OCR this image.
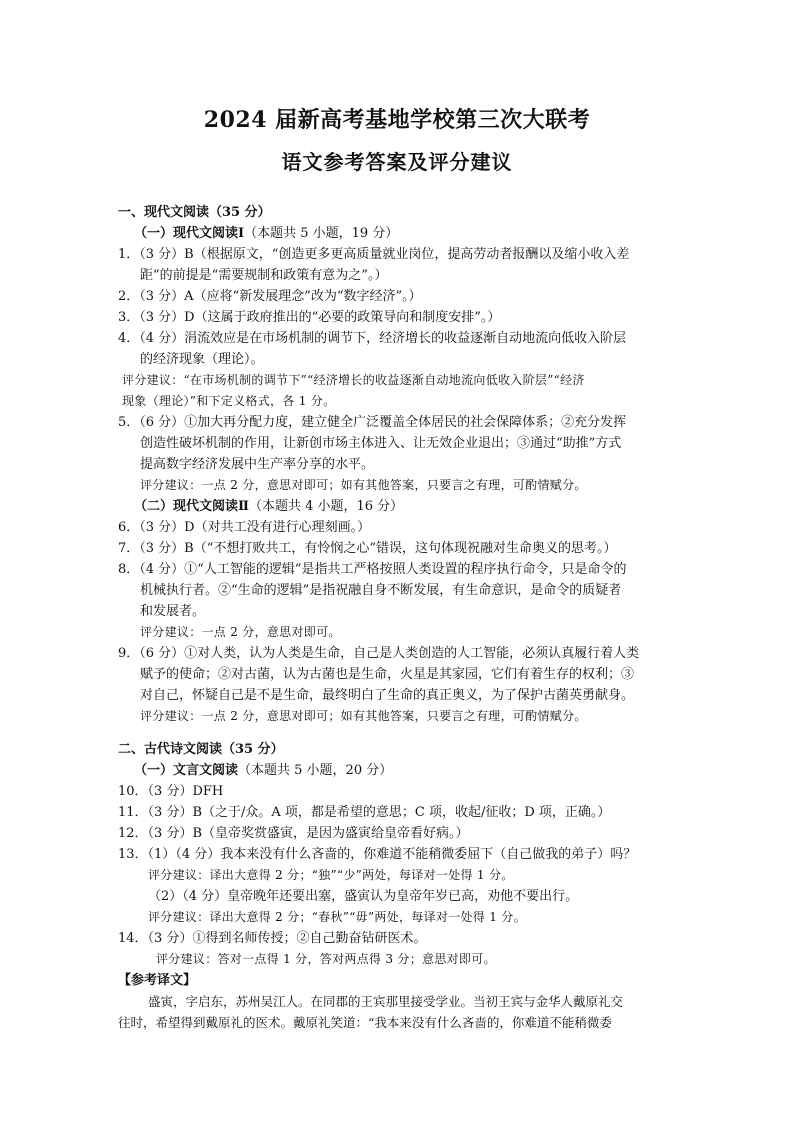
2024 届新高考基地学校第三次大联考
语文参考答案及评分建议
一、现代文阅读（35 分）
（一）现代文阅读Ⅰ（本题共 5 小题，19 分）
1．（3 分）B（根据原文，“创造更多更高质量就业岗位，提高劳动者报酬以及缩小收入差
距”的前提是“需要规制和政策有意为之”。）
2．（3 分）A（应将“新发展理念”改为“数字经济”。）
3．（3 分）D（这属于政府推出的“必要的政策导向和制度安排”。）
4．（4 分）涓流效应是在市场机制的调节下，经济增长的收益逐渐自动地流向低收入阶层
的经济现象（理论）。
评分建议：“在市场机制的调节下”“经济增长的收益逐渐自动地流向低收入阶层”“经济
现象（理论）”和下定义格式，各 1 分。
5．（6 分）①加大再分配力度，建立健全广泛覆盖全体居民的社会保障体系；②充分发挥
创造性破坏机制的作用，让新创市场主体进入、让无效企业退出；③通过“助推”方式
提高数字经济发展中生产率分享的水平。
评分建议：一点 2 分，意思对即可；如有其他答案，只要言之有理，可酌情赋分。
（二）现代文阅读Ⅱ（本题共 4 小题，16 分）
6．（3 分）D（对共工没有进行心理刻画。）
7．（3 分）B（“不想打败共工，有怜悯之心”错误，这句体现祝融对生命奥义的思考。）
8．（4 分）①“人工智能的逻辑”是指共工严格按照人类设置的程序执行命令，只是命令的
机械执行者。②“生命的逻辑”是指祝融自身不断发展，有生命意识，是命令的质疑者
和发展者。
评分建议：一点 2 分，意思对即可。
9．（6 分）①对人类，认为人类是生命，自己是人类创造的人工智能，必须认真履行着人类
赋予的使命；②对古菌，认为古菌也是生命，火星是其家园，它们有着生存的权利；③
对自己，怀疑自己是不是生命，最终明白了生命的真正奥义，为了保护古菌英勇献身。
评分建议：一点 2 分，意思对即可；如有其他答案，只要言之有理，可酌情赋分。
二、古代诗文阅读（35 分）
（一）文言文阅读（本题共 5 小题，20 分）
10．（3 分）DFH
11．（3 分）B（之于/众。A 项，都是希望的意思；C 项，收起/征收；D 项，正确。）
12．（3 分）B（皇帝奖赏盛寅，是因为盛寅给皇帝看好病。）
13．（1）（4 分）我本来没有什么吝啬的，你难道不能稍微委屈下（自己做我的弟子）吗？
评分建议：译出大意得 2 分；“独”“少”两处，每译对一处得 1 分。
（2）（4 分）皇帝晚年还要出塞，盛寅认为皇帝年岁已高，劝他不要出行。
评分建议：译出大意得 2 分；“春秋”“毋”两处，每译对一处得 1 分。
14．（3 分）①得到名师传授；②自己勤奋钻研医术。
评分建议：答对一点得 1 分，答对两点得 3 分；意思对即可。
【参考译文】
盛寅，字启东，苏州吴江人。在同郡的王宾那里接受学业。当初王宾与金华人戴原礼交
往时，希望得到戴原礼的医术。戴原礼笑道：“我本来没有什么吝啬的，你难道不能稍微委
